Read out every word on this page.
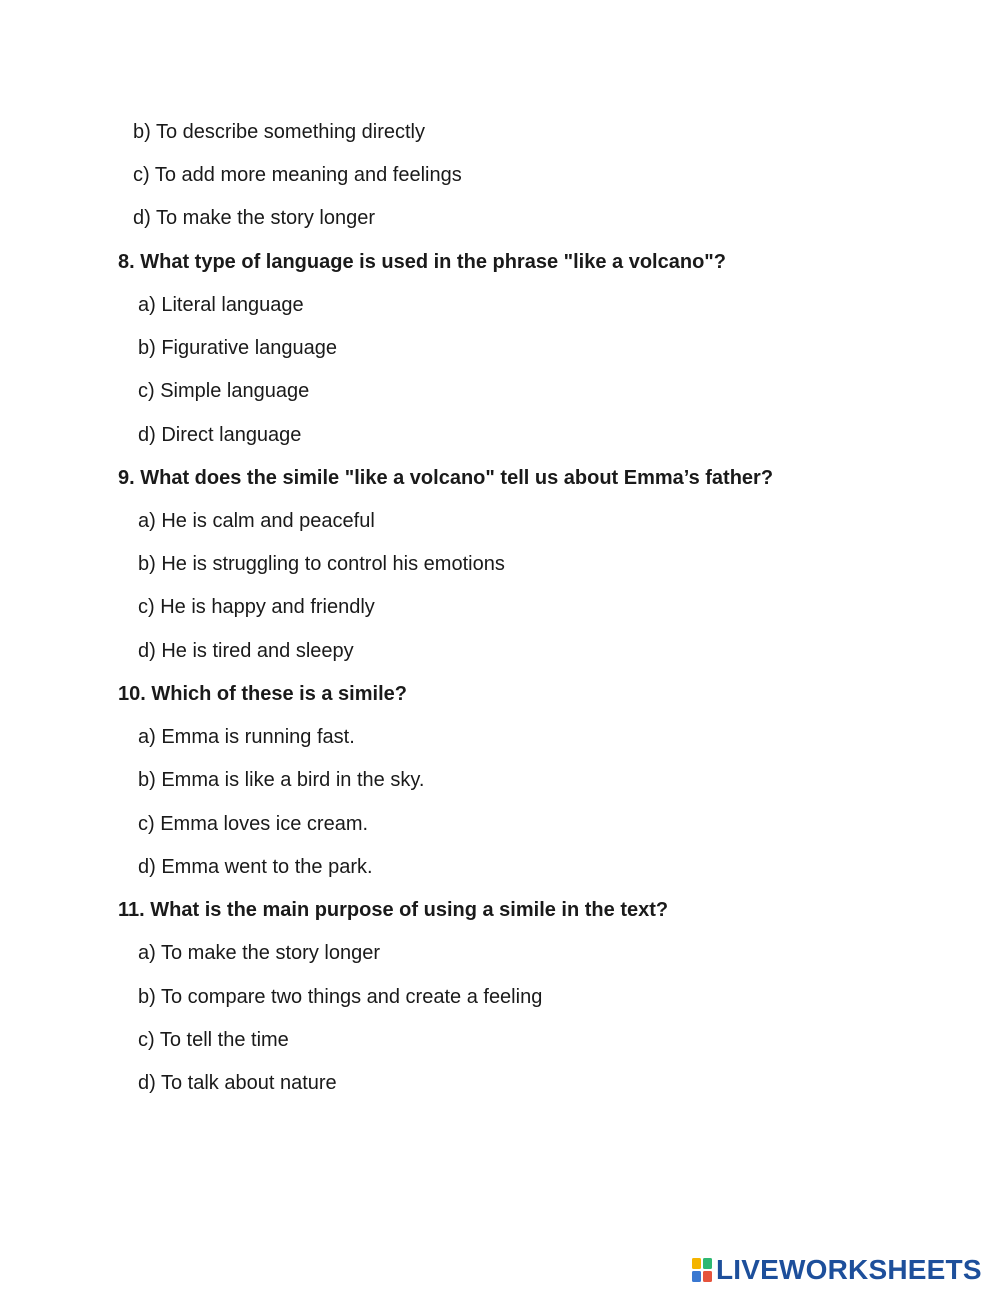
b) To describe something directly
c) To add more meaning and feelings
d) To make the story longer
8. What type of language is used in the phrase "like a volcano"?
a) Literal language
b) Figurative language
c) Simple language
d) Direct language
9. What does the simile "like a volcano" tell us about Emma’s father?
a) He is calm and peaceful
b) He is struggling to control his emotions
c) He is happy and friendly
d) He is tired and sleepy
10. Which of these is a simile?
a) Emma is running fast.
b) Emma is like a bird in the sky.
c) Emma loves ice cream.
d) Emma went to the park.
11. What is the main purpose of using a simile in the text?
a) To make the story longer
b) To compare two things and create a feeling
c) To tell the time
d) To talk about nature
LIVEWORKSHEETS
